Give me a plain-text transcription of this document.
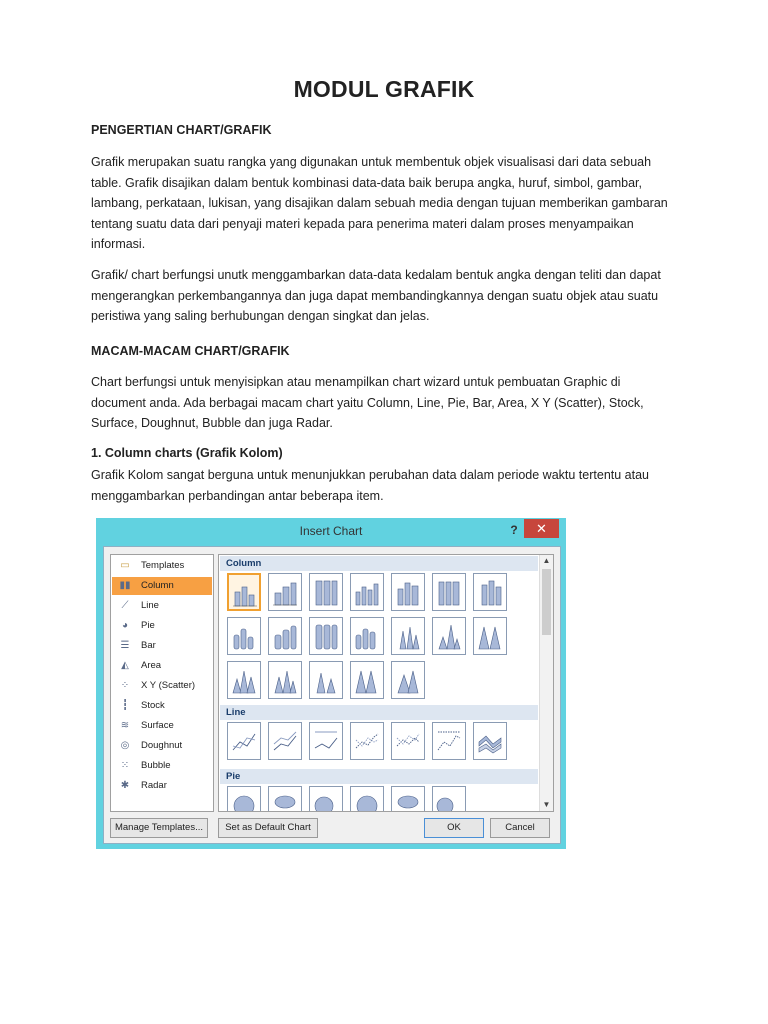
MODUL GRAFIK
PENGERTIAN CHART/GRAFIK
Grafik merupakan suatu rangka yang digunakan untuk membentuk objek visualisasi dari data sebuah
table. Grafik disajikan dalam bentuk kombinasi data-data baik berupa angka, huruf, simbol, gambar,
lambang, perkataan, lukisan, yang disajikan dalam sebuah media dengan tujuan memberikan gambaran
tentang suatu data dari penyaji materi kepada para penerima materi dalam proses menyampaikan
informasi.
Grafik/ chart berfungsi unutk menggambarkan data-data kedalam bentuk angka dengan teliti dan dapat
mengerangkan perkembangannya dan juga dapat membandingkannya dengan suatu objek atau suatu
peristiwa yang saling berhubungan dengan singkat dan jelas.
MACAM-MACAM CHART/GRAFIK
Chart berfungsi untuk menyisipkan atau menampilkan chart wizard untuk pembuatan Graphic di
document anda. Ada berbagai macam chart yaitu Column, Line, Pie, Bar, Area, X Y (Scatter), Stock,
Surface, Doughnut, Bubble dan juga Radar.
1. Column charts (Grafik Kolom)
Grafik Kolom sangat berguna untuk menunjukkan perubahan data dalam periode waktu tertentu atau
menggambarkan perbandingan antar beberapa item.
Insert Chart	?	✕
▭ Templates
▮▮ Column
⟋	Line
◕	Pie
☰ Bar
◭	Area
⁘ X Y (Scatter)
┇	Stock
≋ Surface
◎ Doughnut
⁙ Bubble
✱ Radar
Column
Line
Pie
▲
▼
Manage Templates...	Set as Default Chart	OK	Cancel
